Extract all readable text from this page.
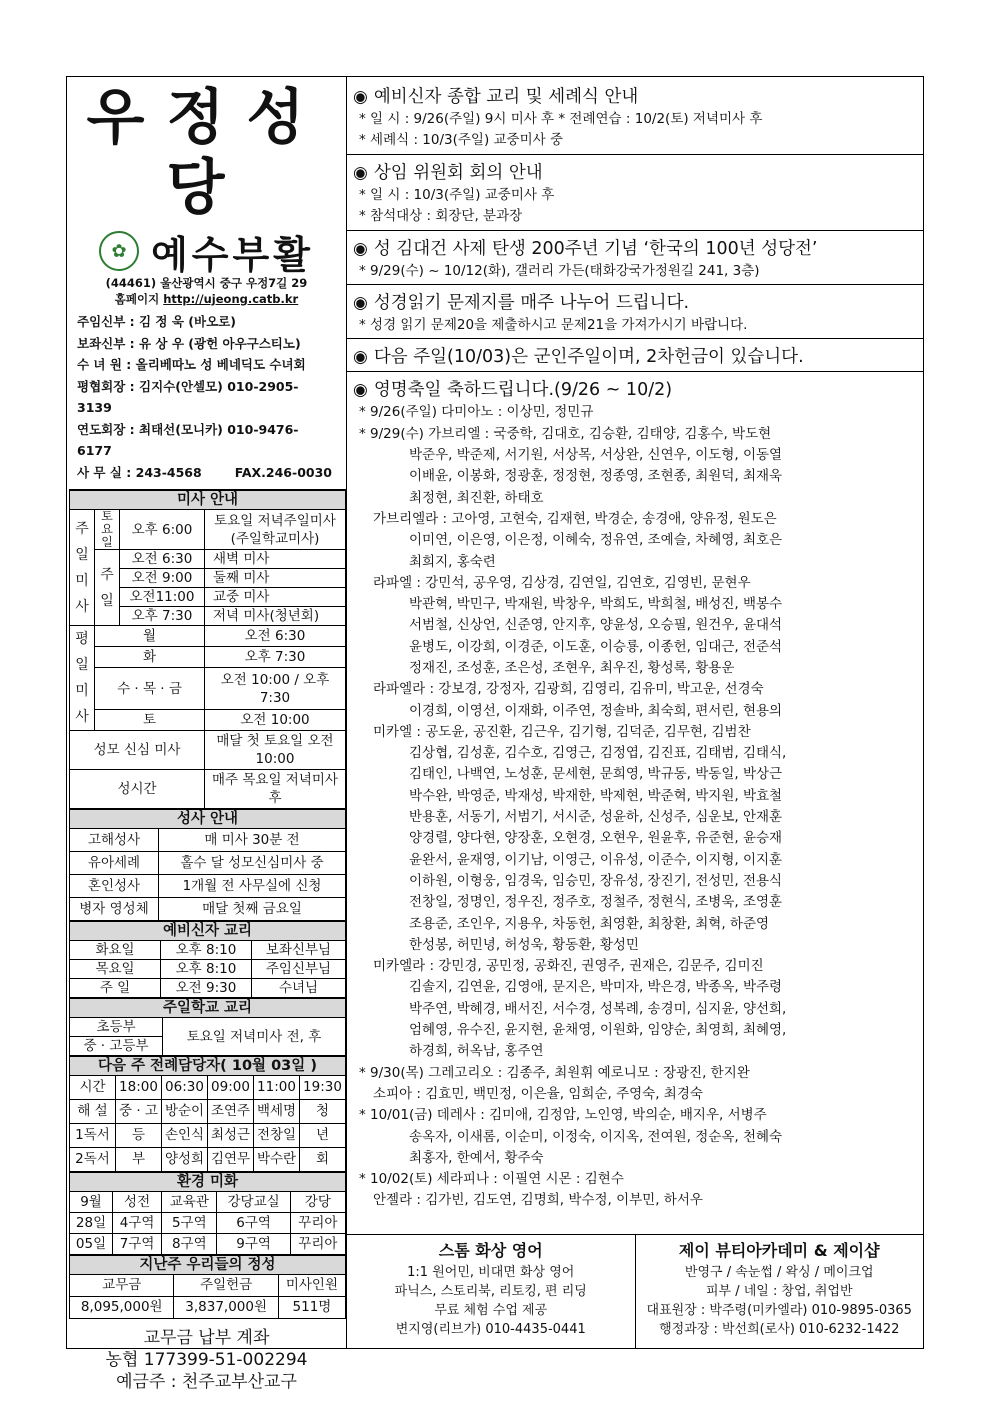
우정성당
✿ 예수부활
(44461) 울산광역시 중구 우정7길 29
홈페이지 http://ujeong.catb.kr
주임신부 : 김 정 욱 (바오로)
보좌신부 : 유 상 우 (광헌 아우구스티노)
수 녀 원 : 올리베따노 성 베네딕도 수녀회
평협회장 : 김지수(안셀모) 010-2905-3139
연도회장 : 최태선(모니카) 010-9476-6177
사 무 실 : 243-4568	FAX.246-0030
미사 안내			
주
일
미
사	토
요
일	오후 6:00	토요일 저녁주일미사 (주일학교미사)
	주
일	오전 6:30	새벽 미사
		오전 9:00	둘째 미사
		오전11:00	교중 미사
		오후 7:30	저녁 미사(청년회)
평
일
미
사	월		오전 6:30
	화		오후 7:30
	수 · 목 · 금		오전 10:00 / 오후 7:30
	토		오전 10:00
성모 신심 미사			매달 첫 토요일 오전 10:00
성시간			매주 목요일 저녁미사 후
성사 안내	
고해성사	매 미사 30분 전
유아세례	홀수 달 성모신심미사 중
혼인성사	1개월 전 사무실에 신청
병자 영성체	매달 첫째 금요일
예비신자 교리		
화요일	오후 8:10	보좌신부님
목요일	오후 8:10	주임신부님
주 일	오전 9:30	수녀님
주일학교 교리
초등부	토요일 저녁미사 전, 후
중 · 고등부
다음 주 전례담당자( 10월 03일 )					
시간	18:00	06:30	09:00	11:00	19:30
해 설	중 · 고	방순이	조연주	백세명	청
1독서	등	손인식	최성근	전창일	년
2독서	부	양성희	김연무	박수란	회
환경 미화				
9월	성전	교육관	강당교실	강당
28일	4구역	5구역	6구역	꾸리아
05일	7구역	8구역	9구역	꾸리아
지난주 우리들의 정성		
교무금	주일헌금	미사인원
8,095,000원	3,837,000원	511명
교무금 납부 계좌
농협 177399-51-002294
예금주 : 천주교부산교구
◉ 예비신자 종합 교리 및 세례식 안내
* 일 시 : 9/26(주일) 9시 미사 후 * 전례연습 : 10/2(토) 저녁미사 후
* 세례식 : 10/3(주일) 교중미사 중
◉ 상임 위원회 회의 안내
* 일 시 : 10/3(주일) 교중미사 후
* 참석대상 : 회장단, 분과장
◉ 성 김대건 사제 탄생 200주년 기념 ‘한국의 100년 성당전’
* 9/29(수) ~ 10/12(화), 갤러리 가든(태화강국가정원길 241, 3층)
◉ 성경읽기 문제지를 매주 나누어 드립니다.
* 성경 읽기 문제20을 제출하시고 문제21을 가져가시기 바랍니다.
◉ 다음 주일(10/03)은 군인주일이며, 2차헌금이 있습니다.
◉ 영명축일 축하드립니다.(9/26 ~ 10/2)
* 9/26(주일) 다미아노 : 이상민, 정민규
* 9/29(수) 가브리엘 : 국중학, 김대호, 김승환, 김태양, 김홍수, 박도현
박준우, 박준제, 서기원, 서상목, 서상완, 신연우, 이도형, 이동열
이배윤, 이봉화, 정광훈, 정정현, 정종영, 조현종, 최원덕, 최재욱
최정현, 최진환, 하태호
가브리엘라 : 고아영, 고현숙, 김재현, 박경순, 송경애, 양유정, 원도은
이미연, 이은영, 이은정, 이혜숙, 정유연, 조예슬, 차혜영, 최호은
최희지, 홍숙련
라파엘 : 강민석, 공우영, 김상경, 김연일, 김연호, 김영빈, 문현우
박관혁, 박민구, 박재원, 박창우, 박희도, 박희철, 배성진, 백봉수
서범철, 신상언, 신준영, 안지후, 양윤성, 오승필, 원건우, 윤대석
윤병도, 이강희, 이경준, 이도훈, 이승룡, 이종헌, 임대근, 전준석
정재진, 조성훈, 조은성, 조현우, 최우진, 황성록, 황용운
라파엘라 : 강보경, 강정자, 김광희, 김영리, 김유미, 박고운, 선경숙
이경희, 이영선, 이재화, 이주연, 정솔바, 최숙희, 편서린, 현용의
미카엘 : 공도윤, 공진환, 김근우, 김기형, 김덕준, 김무현, 김범찬
김상협, 김성훈, 김수호, 김영근, 김정엽, 김진표, 김태범, 김태식,
김태인, 나백연, 노성훈, 문세현, 문희영, 박규동, 박동일, 박상근
박수완, 박영준, 박재성, 박재한, 박제현, 박준혁, 박지원, 박효철
반용훈, 서동기, 서범기, 서시준, 성윤하, 신성주, 심운보, 안재훈
양경렬, 양다현, 양장훈, 오현경, 오현우, 원윤후, 유준현, 윤승재
윤완서, 윤재영, 이기남, 이영근, 이유성, 이준수, 이지형, 이지훈
이하원, 이형웅, 임경욱, 임승민, 장유성, 장진기, 전성민, 전용식
전창일, 정명인, 정우진, 정주호, 정철주, 정현식, 조병욱, 조영훈
조용준, 조인우, 지용우, 차동헌, 최영환, 최창환, 최혁, 하준영
한성봉, 허민녕, 허성욱, 황동환, 황성민
미카엘라 : 강민경, 공민정, 공화진, 권영주, 권재은, 김문주, 김미진
김솔지, 김연윤, 김영애, 문지은, 박미자, 박은경, 박종옥, 박주령
박주연, 박혜경, 배서진, 서수경, 성복례, 송경미, 심지윤, 양선희,
엄혜영, 유수진, 윤지현, 윤채영, 이원화, 임양순, 최영희, 최혜영,
하경희, 허옥남, 홍주연
* 9/30(목) 그레고리오 : 김종주, 최원휘 예로니모 : 장광진, 한지완
소피아 : 김효민, 백민정, 이은율, 임희순, 주영숙, 최경숙
* 10/01(금) 데레사 : 김미애, 김정암, 노인영, 박의순, 배지우, 서병주
송옥자, 이새롬, 이순미, 이정숙, 이지옥, 전여원, 정순옥, 천혜숙
최홍자, 한예서, 황주숙
* 10/02(토) 세라피나 : 이필연 시몬 : 김현수
안젤라 : 김가빈, 김도연, 김명희, 박수정, 이부민, 하서우
스톰 화상 영어
1:1 원어민, 비대면 화상 영어
파닉스, 스토리북, 리토킹, 편 리딩
무료 체험 수업 제공
변지영(리브가) 010-4435-0441
제이 뷰티아카데미 & 제이샵
반영구 / 속눈썹 / 왁싱 / 메이크업
피부 / 네일 : 창업, 취업반
대표원장 : 박주령(미카엘라) 010-9895-0365
행정과장 : 박선희(로사) 010-6232-1422
